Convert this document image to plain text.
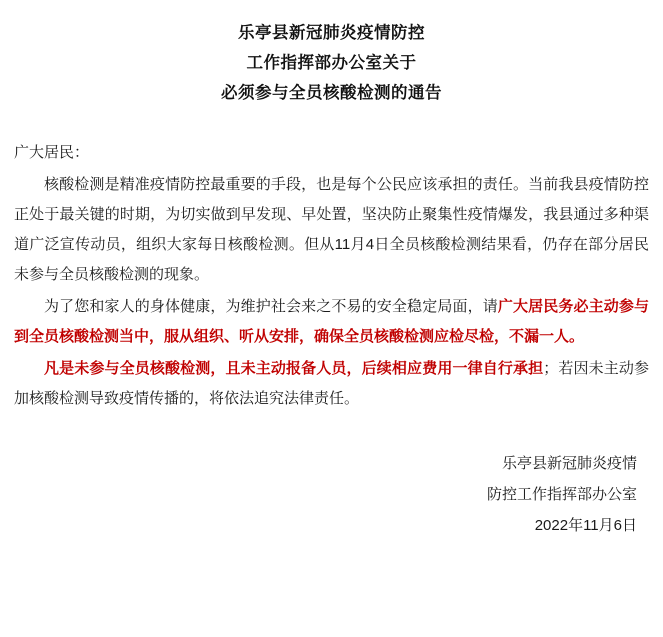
乐亭县新冠肺炎疫情防控
工作指挥部办公室关于
必须参与全员核酸检测的通告
广大居民：

核酸检测是精准疫情防控最重要的手段，也是每个公民应该承担的责任。当前我县疫情防控正处于最关键的时期，为切实做到早发现、早处置，坚决防止聚集性疫情爆发，我县通过多种渠道广泛宣传动员，组织大家每日核酸检测。但从11月4日全员核酸检测结果看，仍存在部分居民未参与全员核酸检测的现象。

为了您和家人的身体健康，为维护社会来之不易的安全稳定局面，请广大居民务必主动参与到全员核酸检测当中，服从组织、听从安排，确保全员核酸检测应检尽检，不漏一人。

凡是未参与全员核酸检测，且未主动报备人员，后续相应费用一律自行承担；若因未主动参加核酸检测导致疫情传播的，将依法追究法律责任。

乐亭县新冠肺炎疫情
防控工作指挥部办公室
2022年11月6日
